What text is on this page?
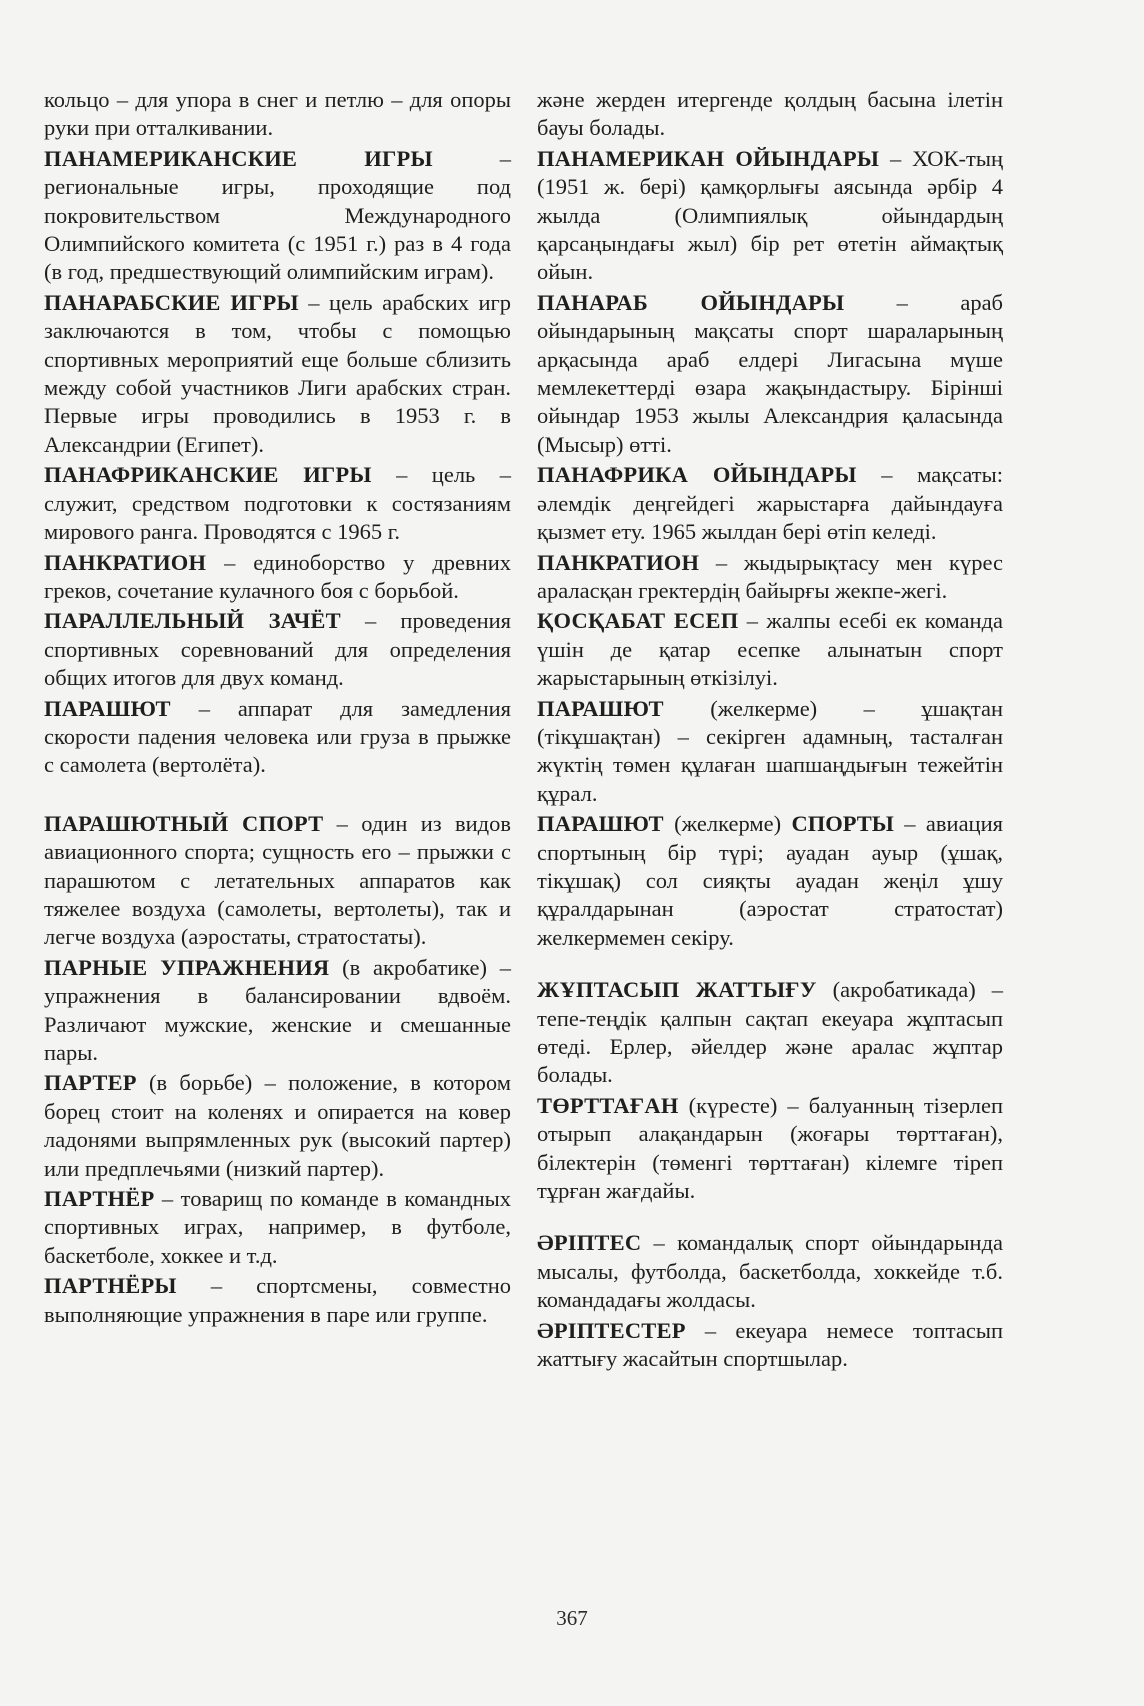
кольцо – для упора в снег и петлю – для опоры руки при отталкивании.

ПАНАМЕРИКАНСКИЕ ИГРЫ – региональные игры, проходящие под покровительством Международного Олимпийского комитета (с 1951 г.) раз в 4 года (в год, предшествующий олимпийским играм).

ПАНАРАБСКИЕ ИГРЫ – цель арабских игр заключаются в том, чтобы с помощью спортивных мероприятий еще больше сблизить между собой участников Лиги арабских стран. Первые игры проводились в 1953 г. в Александрии (Египет).

ПАНАФРИКАНСКИЕ ИГРЫ – цель – служит, средством подготовки к состязаниям мирового ранга. Проводятся с 1965 г.

ПАНКРАТИОН – единоборство у древних греков, сочетание кулачного боя с борьбой.

ПАРАЛЛЕЛЬНЫЙ ЗАЧЁТ – проведения спортивных соревнований для определения общих итогов для двух команд.

ПАРАШЮТ – аппарат для замедления скорости падения человека или груза в прыжке с самолета (вертолёта).

ПАРАШЮТНЫЙ СПОРТ – один из видов авиационного спорта; сущность его – прыжки с парашютом с летательных аппаратов как тяжелее воздуха (самолеты, вертолеты), так и легче воздуха (аэростаты, стратостаты).

ПАРНЫЕ УПРАЖНЕНИЯ (в акробатике) – упражнения в балансировании вдвоём. Различают мужские, женские и смешанные пары.

ПАРТЕР (в борьбе) – положение, в котором борец стоит на коленях и опирается на ковер ладонями выпрямленных рук (высокий партер) или предплечьями (низкий партер).

ПАРТНЁР – товарищ по команде в командных спортивных играх, например, в футболе, баскетболе, хоккее и т.д.

ПАРТНЁРЫ – спортсмены, совместно выполняющие упражнения в паре или группе.

және жерден итергенде қолдың басына ілетін бауы болады.

ПАНАМЕРИКАН ОЙЫНДАРЫ – ХОК-тың (1951 ж. бері) қамқорлығы аясында әрбір 4 жылда (Олимпиялық ойындардың қарсаңындағы жыл) бір рет өтетін аймақтық ойын.

ПАНАРАБ ОЙЫНДАРЫ – араб ойындарының мақсаты спорт шараларының арқасында араб елдері Лигасына мүше мемлекеттерді өзара жақындастыру. Бірінші ойындар 1953 жылы Александрия қаласында (Мысыр) өтті.

ПАНАФРИКА ОЙЫНДАРЫ – мақсаты: әлемдік деңгейдегі жарыстарға дайындауға қызмет ету. 1965 жылдан бері өтіп келеді.

ПАНКРАТИОН – жыдырықтасу мен күрес араласқан гректердің байырғы жекпе-жегі.

ҚОСҚАБАТ ЕСЕП – жалпы есебі ек команда үшін де қатар есепке алынатын спорт жарыстарының өткізілуі.

ПАРАШЮТ (желкерме) – ұшақтан (тікұшақтан) – секірген адамның, тасталған жүктің төмен құлаған шапшаңдығын тежейтін құрал.

ПАРАШЮТ (желкерме) СПОРТЫ – авиация спортының бір түрі; ауадан ауыр (ұшақ, тікұшақ) сол сияқты ауадан жеңіл ұшу құралдарынан (аэростат стратостат) желкермемен секіру.

ЖҰПТАСЫП ЖАТТЫҒУ (акробатикада) – тепе-теңдік қалпын сақтап екеуара жұптасып өтеді. Ерлер, әйелдер және аралас жұптар болады.

ТӨРТТАҒАН (күресте) – балуанның тізерлеп отырып алақандарын (жоғары төрттаған), білектерін (төменгі төрттаған) кілемге тіреп тұрған жағдайы.

ӘРІПТЕС – командалық спорт ойындарында мысалы, футболда, баскетболда, хоккейде т.б. командадағы жолдасы.

ӘРІПТЕСТЕР – екеуара немесе топтасып жаттығу жасайтын спортшылар.

367
